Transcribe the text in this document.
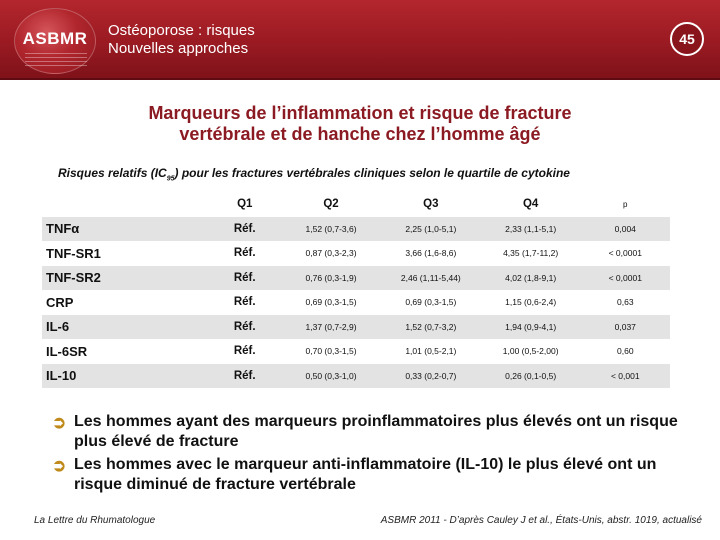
ASBMR	Ostéoporose : risques
Nouvelles approches
45
Marqueurs de l’inflammation et risque de fracture
vertébrale et de hanche chez l’homme âgé
Risques relatifs $(IC_{95})$ pour les fractures vertébrales cliniques selon le quartile de cytokine
	Q1	Q2	Q3	Q4	p
TNFα	Réf.	1,52 (0,7-3,6)	2,25 (1,0-5,1)	2,33 (1,1-5,1)	0,004
TNF-SR1	Réf.	0,87 (0,3-2,3)	3,66 (1,6-8,6)	4,35 (1,7-11,2)	< 0,0001
TNF-SR2	Réf.	0,76 (0,3-1,9)	2,46 (1,11-5,44)	4,02 (1,8-9,1)	< 0,0001
CRP	Réf.	0,69 (0,3-1,5)	0,69 (0,3-1,5)	1,15 (0,6-2,4)	0,63
IL-6	Réf.	1,37 (0,7-2,9)	1,52 (0,7-3,2)	1,94 (0,9-4,1)	0,037
IL-6SR	Réf.	0,70 (0,3-1,5)	1,01 (0,5-2,1)	1,00 (0,5-2,00)	0,60
IL-10	Réf.	0,50 (0,3-1,0)	0,33 (0,2-0,7)	0,26 (0,1-0,5)	< 0,001
➲ Les hommes ayant des marqueurs proinflammatoires plus élevés ont un risque plus élevé de fracture
➲ Les hommes avec le marqueur anti-inflammatoire (IL-10) le plus élevé ont un risque diminué de fracture vertébrale
La Lettre du Rhumatologue	ASBMR 2011 - D’après Cauley J et al., États-Unis, abstr. 1019, actualisé
